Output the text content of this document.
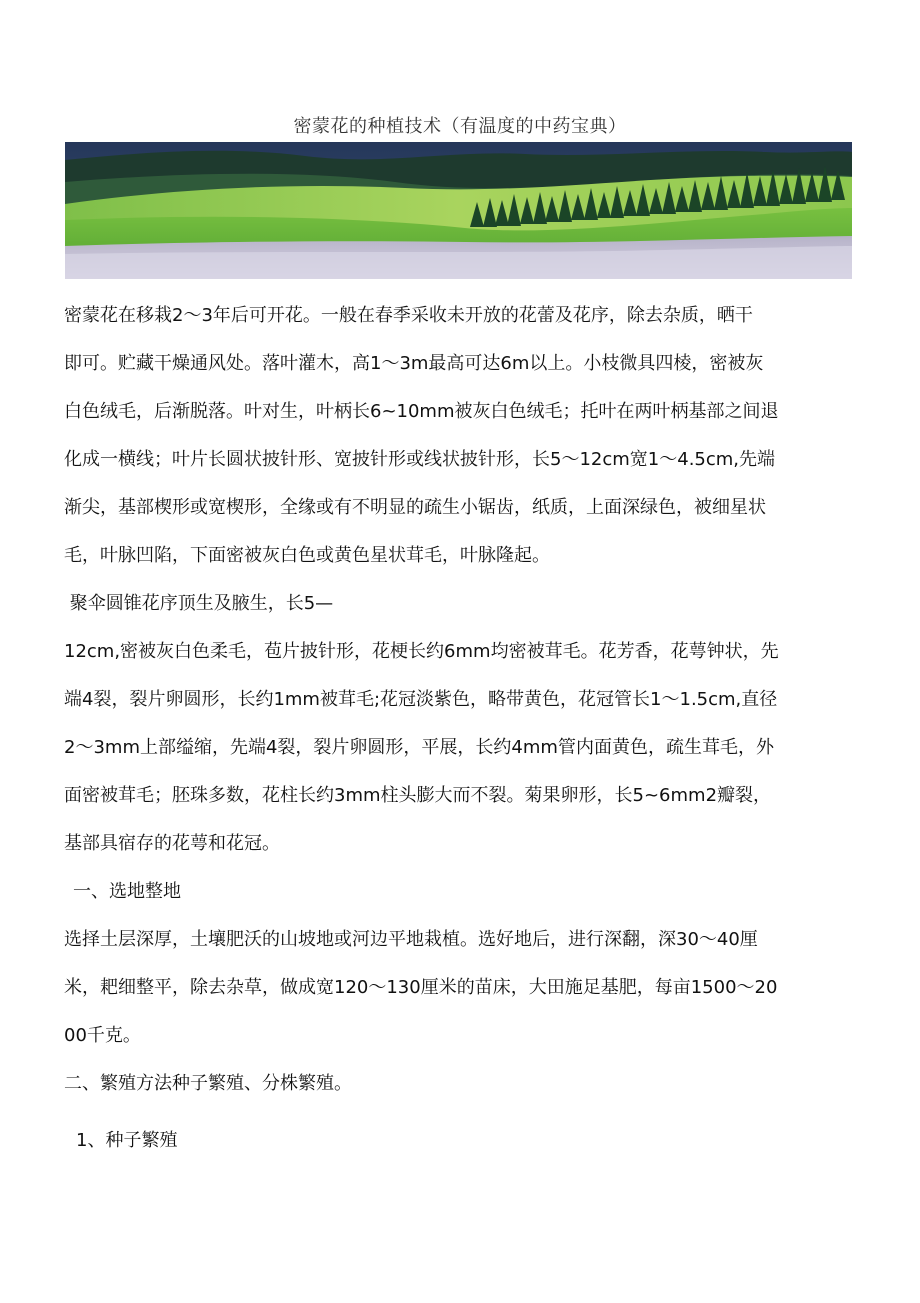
密蒙花的种植技术（有温度的中药宝典）
密蒙花在移栽2～3年后可开花。一般在春季采收未开放的花蕾及花序，除去杂质，晒干
即可。贮藏干燥通风处。落叶灌木，高1～3m最高可达6m以上。小枝微具四棱，密被灰
白色绒毛，后渐脱落。叶对生，叶柄长6~10mm被灰白色绒毛；托叶在两叶柄基部之间退
化成一横线；叶片长圆状披针形、宽披针形或线状披针形，长5～12cm宽1～4.5cm,先端
渐尖，基部楔形或宽楔形，全缘或有不明显的疏生小锯齿，纸质，上面深绿色，被细星状
毛，叶脉凹陷，下面密被灰白色或黄色星状茸毛，叶脉隆起。
聚伞圆锥花序顶生及腋生，长5—
12cm,密被灰白色柔毛，苞片披针形，花梗长约6mm均密被茸毛。花芳香，花萼钟状，先
端4裂，裂片卵圆形，长约1mm被茸毛;花冠淡紫色，略带黄色，花冠管长1～1.5cm,直径
2～3mm上部缢缩，先端4裂，裂片卵圆形，平展，长约4mm管内面黄色，疏生茸毛，外
面密被茸毛；胚珠多数，花柱长约3mm柱头膨大而不裂。菊果卵形，长5~6mm2瓣裂，
基部具宿存的花萼和花冠。
一、选地整地
选择土层深厚，土壤肥沃的山坡地或河边平地栽植。选好地后，进行深翻，深30～40厘
米，耙细整平，除去杂草，做成宽120～130厘米的苗床，大田施足基肥，每亩1500～20
00千克。
二、繁殖方法种子繁殖、分株繁殖。
1、种子繁殖
